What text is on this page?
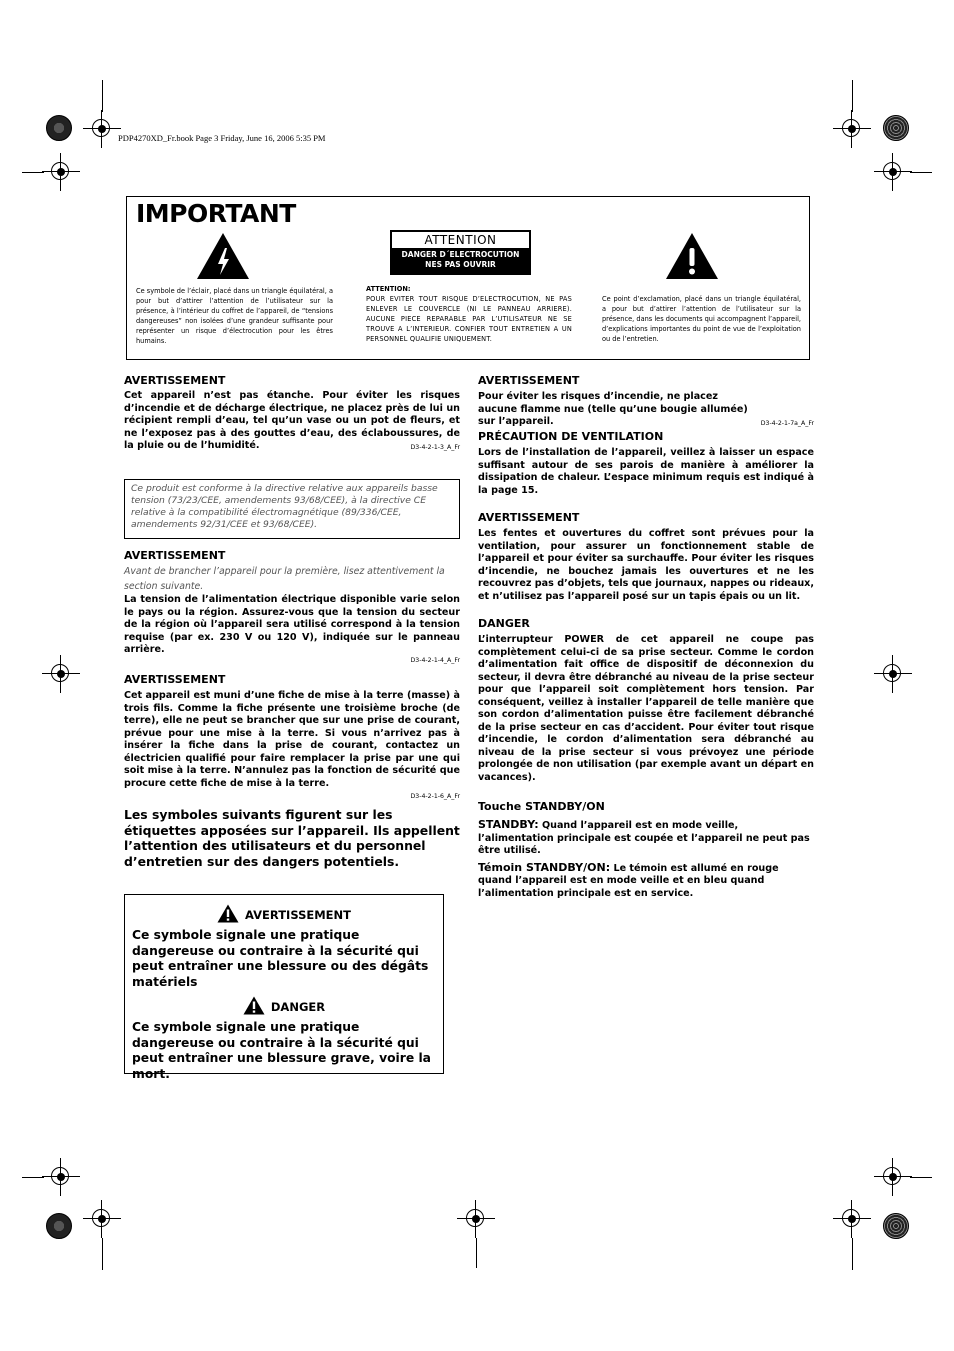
PDP4270XD_Fr.book Page 3 Friday, June 16, 2006 5:35 PM
IMPORTANT
ATTENTION
DANGER D´ELECTROCUTION
NES PAS OUVRIR
Ce symbole de l’éclair, placé dans un triangle équilatéral, a pour but d’attirer l’attention de l’utilisateur sur la présence, à l’intérieur du coffret de l’appareil, de “tensions dangereuses” non isolées d’une grandeur suffisante pour représenter un risque d’électrocution pour les êtres humains.
ATTENTION:
POUR EVITER TOUT RISQUE D’ELECTROCUTION, NE PAS ENLEVER LE COUVERCLE (NI LE PANNEAU ARRIERE). AUCUNE PIECE REPARABLE PAR L’UTILISATEUR NE SE TROUVE A L’INTERIEUR. CONFIER TOUT ENTRETIEN A UN PERSONNEL QUALIFIE UNIQUEMENT.
Ce point d’exclamation, placé dans un triangle équilatéral, a pour but d’attirer l’attention de l’utilisateur sur la présence, dans les documents qui accompagnent l’appareil, d’explications importantes du point de vue de l’exploitation ou de l’entretien.

AVERTISSEMENT

Cet appareil n’est pas étanche. Pour éviter les risques d’incendie et de décharge électrique, ne placez près de lui un récipient rempli d’eau, tel qu’un vase ou un pot de fleurs, et ne l’exposez pas à des gouttes d’eau, des éclaboussures, de la pluie ou de l’humidité.	D3-4-2-1-3_A_Fr

Ce produit est conforme à la directive relative aux appareils basse tension (73/23/CEE, amendements 93/68/CEE), à la directive CE relative à la compatibilité électromagnétique (89/336/CEE, amendements 92/31/CEE et 93/68/CEE).

AVERTISSEMENT

Avant de brancher l’appareil pour la première, lisez attentivement la section suivante.

La tension de l’alimentation électrique disponible varie selon le pays ou la région. Assurez-vous que la tension du secteur de la région où l’appareil sera utilisé correspond à la tension requise (par ex. 230 V ou 120 V), indiquée sur le panneau arrière.

D3-4-2-1-4_A_Fr

AVERTISSEMENT

Cet appareil est muni d’une fiche de mise à la terre (masse) à trois fils. Comme la fiche présente une troisième broche (de terre), elle ne peut se brancher que sur une prise de courant, prévue pour une mise à la terre. Si vous n’arrivez pas à insérer la fiche dans la prise de courant, contactez un électricien qualifié pour faire remplacer la prise par une qui soit mise à la terre. N’annulez pas la fonction de sécurité que procure cette fiche de mise à la terre.

D3-4-2-1-6_A_Fr

Les symboles suivants figurent sur les étiquettes apposées sur l’appareil. Ils appellent l’attention des utilisateurs et du personnel d’entretien sur des dangers potentiels.

AVERTISSEMENT
Ce symbole signale une pratique dangereuse ou contraire à la sécurité qui peut entraîner une blessure ou des dégâts matériels
DANGER
Ce symbole signale une pratique dangereuse ou contraire à la sécurité qui peut entraîner une blessure grave, voire la mort.

AVERTISSEMENT

Pour éviter les risques d’incendie, ne placez aucune flamme nue (telle qu’une bougie allumée) sur l’appareil.	D3-4-2-1-7a_A_Fr

PRÉCAUTION DE VENTILATION

Lors de l’installation de l’appareil, veillez à laisser un espace suffisant autour de ses parois de manière à améliorer la dissipation de chaleur. L’espace minimum requis est indiqué à la page 15.

AVERTISSEMENT

Les fentes et ouvertures du coffret sont prévues pour la ventilation, pour assurer un fonctionnement stable de l’appareil et pour éviter sa surchauffe. Pour éviter les risques d’incendie, ne bouchez jamais les ouvertures et ne les recouvrez pas d’objets, tels que journaux, nappes ou rideaux, et n’utilisez pas l’appareil posé sur un tapis épais ou un lit.

DANGER

L’interrupteur POWER de cet appareil ne coupe pas complètement celui-ci de sa prise secteur. Comme le cordon d’alimentation fait office de dispositif de déconnexion du secteur, il devra être débranché au niveau de la prise secteur pour que l’appareil soit complètement hors tension. Par conséquent, veillez à installer l’appareil de telle manière que son cordon d’alimentation puisse être facilement débranché de la prise secteur en cas d’accident. Pour éviter tout risque d’incendie, le cordon d’alimentation sera débranché au niveau de la prise secteur si vous prévoyez une période prolongée de non utilisation (par exemple avant un départ en vacances).

Touche STANDBY/ON

STANDBY: Quand l’appareil est en mode veille, l’alimentation principale est coupée et l’appareil ne peut pas être utilisé.

Témoin STANDBY/ON: Le témoin est allumé en rouge quand l’appareil est en mode veille et en bleu quand l’alimentation principale est en service.
